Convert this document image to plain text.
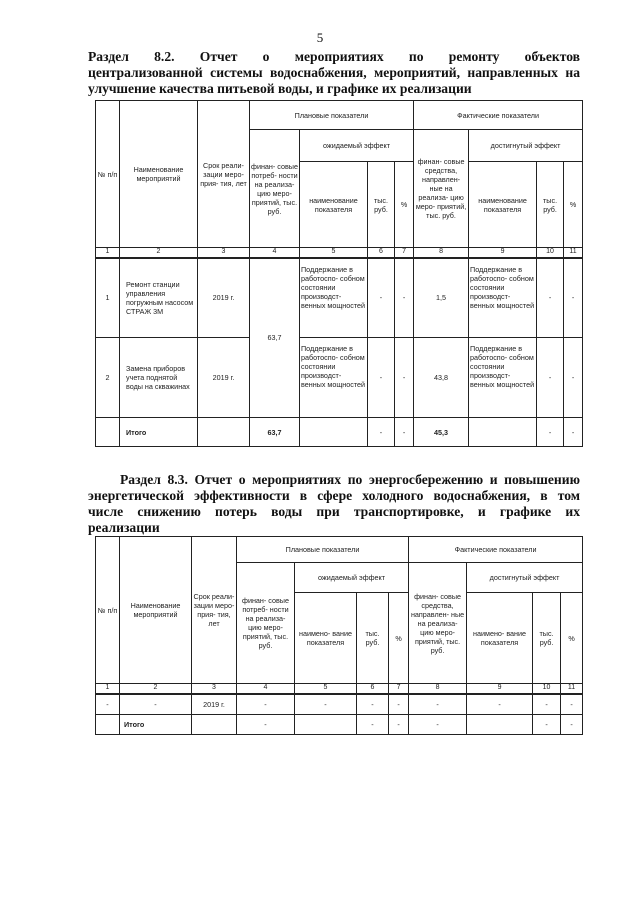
5
Раздел 8.2. Отчет о мероприятиях по ремонту объектов
централизованной системы водоснабжения, мероприятий, направленных на
улучшение качества питьевой воды, и графике их реализации
№ п/п	Наименование мероприятий	Срок реали- зации меро- прия- тия, лет	Плановые показатели				Фактические показатели			
			финан- совые потреб- ности на реализа- цию меро- приятий, тыс. руб.	ожидаемый эффект			финан- совые средства, направлен- ные на реализа- цию меро- приятий, тыс. руб.	достигнутый эффект		
				наименование показателя	тыс. руб.	%		наименование показателя	тыс. руб.	%
1	2	3	4	5	6	7	8	9	10	11
1	Ремонт станции управления погружным насосом СТРАЖ 3М	2019 г.	63,7	Поддержание в работоспо- собном состоянии производст- венных мощностей	-	-	1,5	Поддержание в работоспо- собном состоянии производст- венных мощностей	-	-
2	Замена приборов учета поднятой воды на скважинах	2019 г.		Поддержание в работоспо- собном состоянии производст- венных мощностей	-	-	43,8	Поддержание в работоспо- собном состоянии производст- венных мощностей	-	-
	Итого		63,7		-	-	45,3		-	-
Раздел 8.3. Отчет о мероприятиях по энергосбережению и повышению
энергетической эффективности в сфере холодного водоснабжения, в том
числе снижению потерь воды при транспортировке, и графике их
реализации
№ п/п	Наименование мероприятий	Срок реали- зации меро- прия- тия, лет	Плановые показатели				Фактические показатели			
			финан- совые потреб- ности на реализа- цию меро- приятий, тыс. руб.	ожидаемый эффект			финан- совые средства, направлен- ные на реализа- цию меро- приятий, тыс. руб.	достигнутый эффект		
				наимено- вание показателя	тыс. руб.	%		наимено- вание показателя	тыс. руб.	%
1	2	3	4	5	6	7	8	9	10	11
-	-	2019 г.	-	-	-	-	-	-	-	-
	Итого		-		-	-	-		-	-
